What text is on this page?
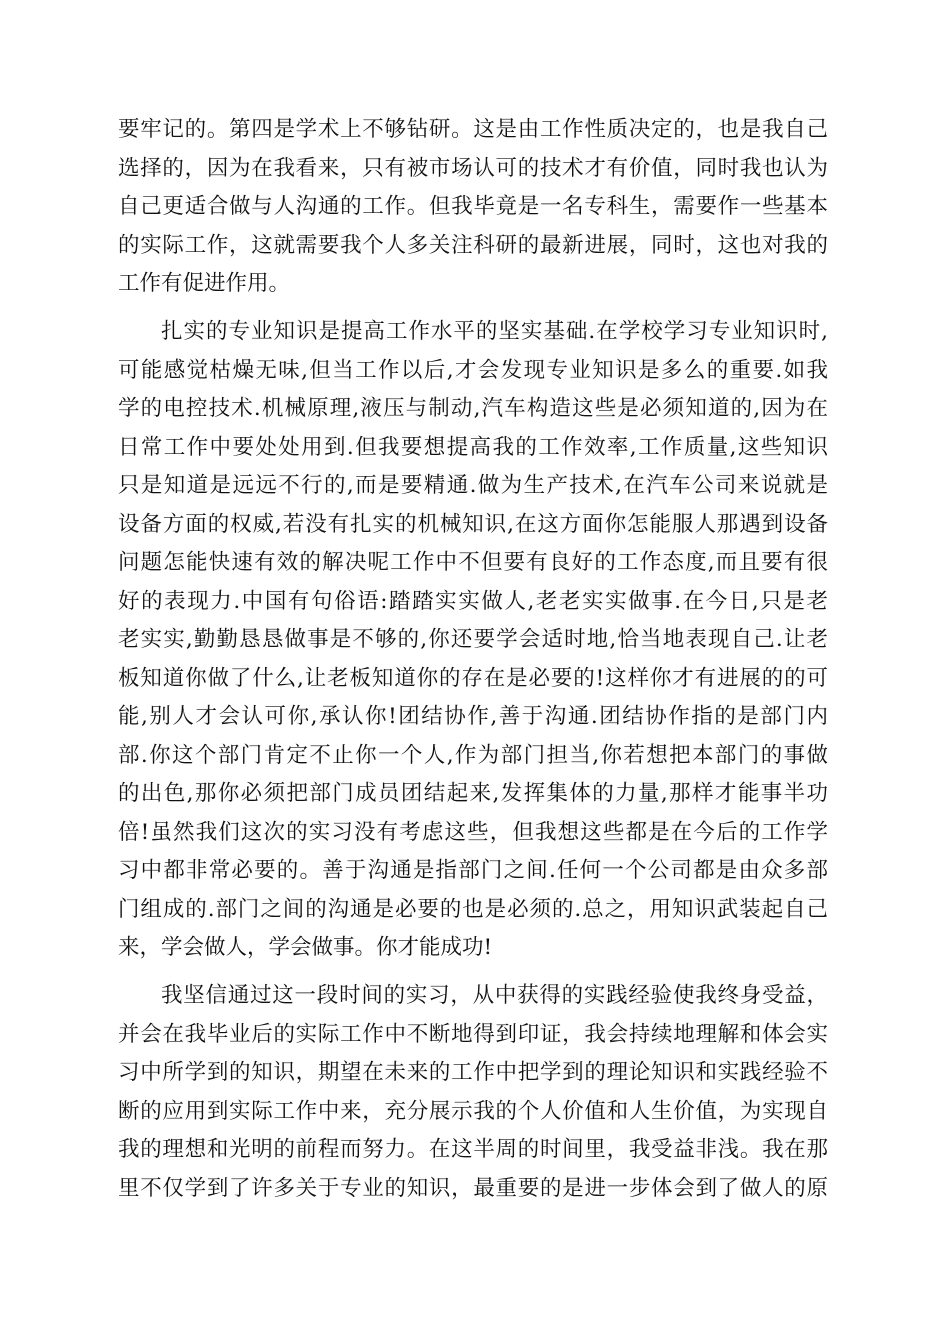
要牢记的。第四是学术上不够钻研。这是由工作性质决定的，也是我自己
选择的，因为在我看来，只有被市场认可的技术才有价值，同时我也认为
自己更适合做与人沟通的工作。但我毕竟是一名专科生，需要作一些基本
的实际工作，这就需要我个人多关注科研的最新进展，同时，这也对我的
工作有促进作用。
扎实的专业知识是提高工作水平的坚实基础.在学校学习专业知识时,
可能感觉枯燥无味,但当工作以后,才会发现专业知识是多么的重要.如我
学的电控技术.机械原理,液压与制动,汽车构造这些是必须知道的,因为在
日常工作中要处处用到.但我要想提高我的工作效率,工作质量,这些知识
只是知道是远远不行的,而是要精通.做为生产技术,在汽车公司来说就是
设备方面的权威,若没有扎实的机械知识,在这方面你怎能服人那遇到设备
问题怎能快速有效的解决呢工作中不但要有良好的工作态度,而且要有很
好的表现力.中国有句俗语:踏踏实实做人,老老实实做事.在今日,只是老
老实实,勤勤恳恳做事是不够的,你还要学会适时地,恰当地表现自己.让老
板知道你做了什么,让老板知道你的存在是必要的!这样你才有进展的的可
能,别人才会认可你,承认你!团结协作,善于沟通.团结协作指的是部门内
部.你这个部门肯定不止你一个人,作为部门担当,你若想把本部门的事做
的出色,那你必须把部门成员团结起来,发挥集体的力量,那样才能事半功
倍!虽然我们这次的实习没有考虑这些，但我想这些都是在今后的工作学
习中都非常必要的。善于沟通是指部门之间.任何一个公司都是由众多部
门组成的.部门之间的沟通是必要的也是必须的.总之，用知识武装起自己
来，学会做人，学会做事。你才能成功!
我坚信通过这一段时间的实习，从中获得的实践经验使我终身受益，
并会在我毕业后的实际工作中不断地得到印证，我会持续地理解和体会实
习中所学到的知识，期望在未来的工作中把学到的理论知识和实践经验不
断的应用到实际工作中来，充分展示我的个人价值和人生价值，为实现自
我的理想和光明的前程而努力。在这半周的时间里，我受益非浅。我在那
里不仅学到了许多关于专业的知识，最重要的是进一步体会到了做人的原
